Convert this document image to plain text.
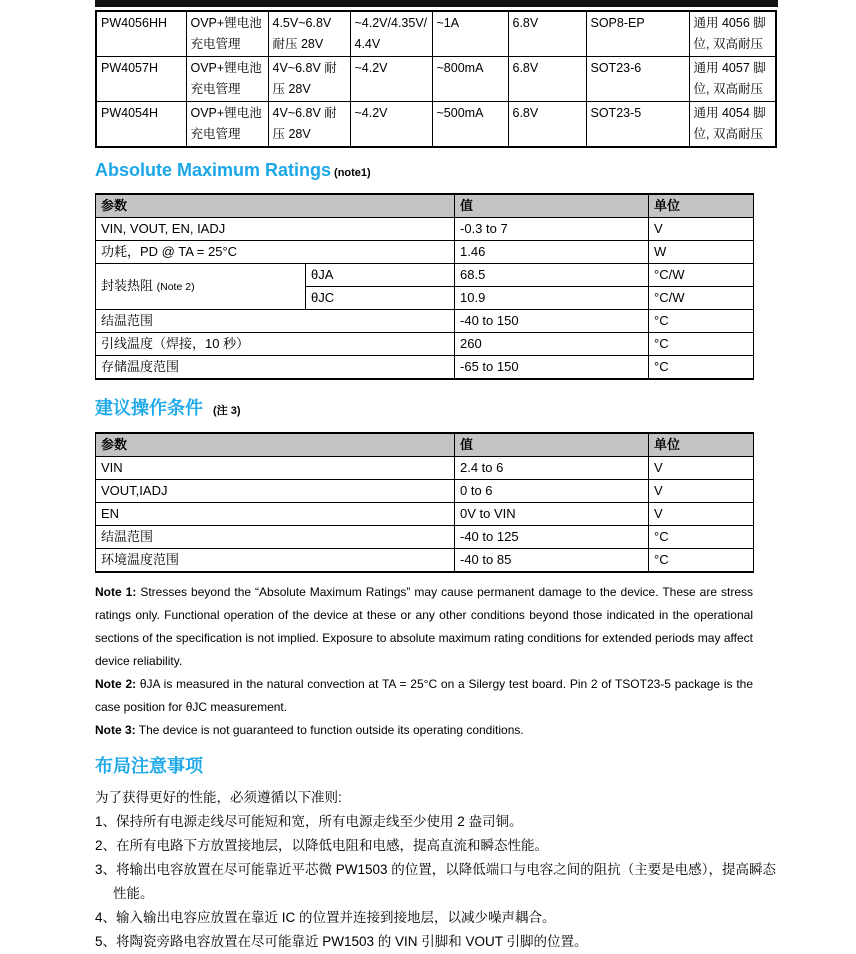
PW4056HH	OVP+锂电池充电管理	4.5V~6.8V 耐压 28V	~4.2V/4.35V/4.4V	~1A	6.8V	SOP8-EP	通用 4056 脚位, 双高耐压
PW4057H	OVP+锂电池充电管理	4V~6.8V 耐压 28V	~4.2V	~800mA	6.8V	SOT23-6	通用 4057 脚位, 双高耐压
PW4054H	OVP+锂电池充电管理	4V~6.8V 耐压 28V	~4.2V	~500mA	6.8V	SOT23-5	通用 4054 脚位, 双高耐压
Absolute Maximum Ratings (note1)
参数		值	单位
VIN, VOUT, EN, IADJ		-0.3 to 7	V
功耗，PD @ TA = 25°C		1.46	W
封装热阻 (Note 2)	θJA	68.5	°C/W
	θJC	10.9	°C/W
结温范围		-40 to 150	°C
引线温度（焊接，10 秒）		260	°C
存储温度范围		-65 to 150	°C
建议操作条件 (注 3)
参数	值	单位
VIN	2.4 to 6	V
VOUT,IADJ	0 to 6	V
EN	0V to VIN	V
结温范围	-40 to 125	°C
环境温度范围	-40 to 85	°C

Note 1: Stresses beyond the “Absolute Maximum Ratings” may cause permanent damage to the device. These are stress ratings only. Functional operation of the device at these or any other conditions beyond those indicated in the operational sections of the specification is not implied. Exposure to absolute maximum rating conditions for extended periods may affect device reliability.

Note 2: θJA is measured in the natural convection at TA = 25°C on a Silergy test board. Pin 2 of TSOT23-5 package is the case position for θJC measurement.

Note 3: The device is not guaranteed to function outside its operating conditions.

布局注意事项

为了获得更好的性能，必须遵循以下准则:

1、保持所有电源走线尽可能短和宽，所有电源走线至少使用 2 盎司铜。
2、在所有电路下方放置接地层，以降低电阻和电感，提高直流和瞬态性能。
3、将输出电容放置在尽可能靠近平芯微 PW1503 的位置，以降低端口与电容之间的阻抗（主要是电感），提高瞬态性能。
4、输入输出电容应放置在靠近 IC 的位置并连接到接地层，以减少噪声耦合。
5、将陶瓷旁路电容放置在尽可能靠近 PW1503 的 VIN 引脚和 VOUT 引脚的位置。
